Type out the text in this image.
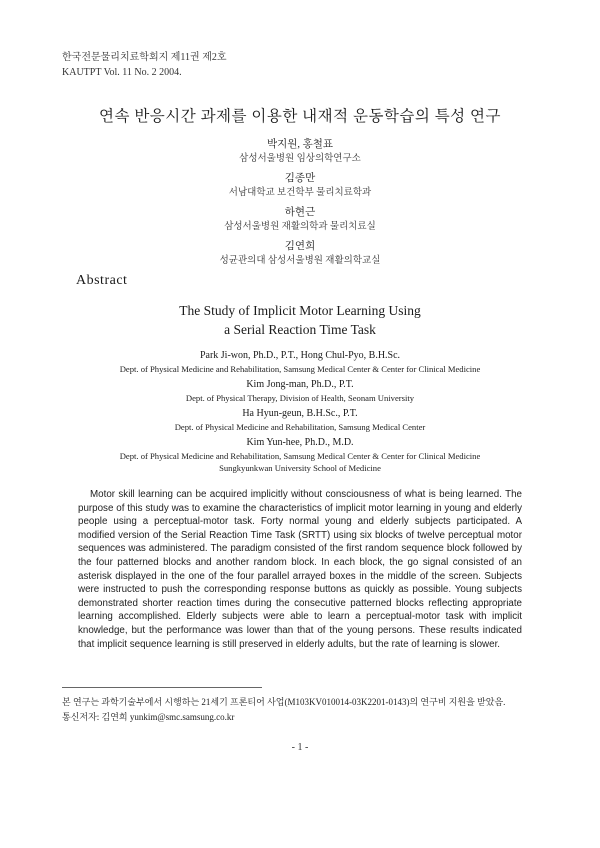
한국전문물리치료학회지 제11권 제2호
KAUTPT Vol. 11 No. 2 2004.
연속 반응시간 과제를 이용한 내재적 운동학습의 특성 연구
박지원, 홍철표
삼성서울병원 임상의학연구소
김종만
서남대학교 보건학부 물리치료학과
하현근
삼성서울병원 재활의학과 물리치료실
김연희
성균관의대 삼성서울병원 재활의학교실
Abstract
The Study of Implicit Motor Learning Using
a Serial Reaction Time Task
Park Ji-won, Ph.D., P.T., Hong Chul-Pyo, B.H.Sc.
Dept. of Physical Medicine and Rehabilitation, Samsung Medical Center & Center for Clinical Medicine
Kim Jong-man, Ph.D., P.T.
Dept. of Physical Therapy, Division of Health, Seonam University
Ha Hyun-geun, B.H.Sc., P.T.
Dept. of Physical Medicine and Rehabilitation, Samsung Medical Center
Kim Yun-hee, Ph.D., M.D.
Dept. of Physical Medicine and Rehabilitation, Samsung Medical Center & Center for Clinical Medicine
Sungkyunkwan University School of Medicine
Motor skill learning can be acquired implicitly without consciousness of what is being learned. The purpose of this study was to examine the characteristics of implicit motor learning in young and elderly people using a perceptual-motor task. Forty normal young and elderly subjects participated. A modified version of the Serial Reaction Time Task (SRTT) using six blocks of twelve perceptual motor sequences was administered. The paradigm consisted of the first random sequence block followed by the four patterned blocks and another random block. In each block, the go signal consisted of an asterisk displayed in the one of the four parallel arrayed boxes in the middle of the screen. Subjects were instructed to push the corresponding response buttons as quickly as possible. Young subjects demonstrated shorter reaction times during the consecutive patterned blocks reflecting appropriate learning accomplished. Elderly subjects were able to learn a perceptual-motor task with implicit knowledge, but the performance was lower than that of the young persons. These results indicated that implicit sequence learning is still preserved in elderly adults, but the rate of learning is slower.
본 연구는 과학기술부에서 시행하는 21세기 프론티어 사업(M103KV010014-03K2201-0143)의 연구비 지원을 받았음.
통신저자: 김연희 yunkim@smc.samsung.co.kr
- 1 -
